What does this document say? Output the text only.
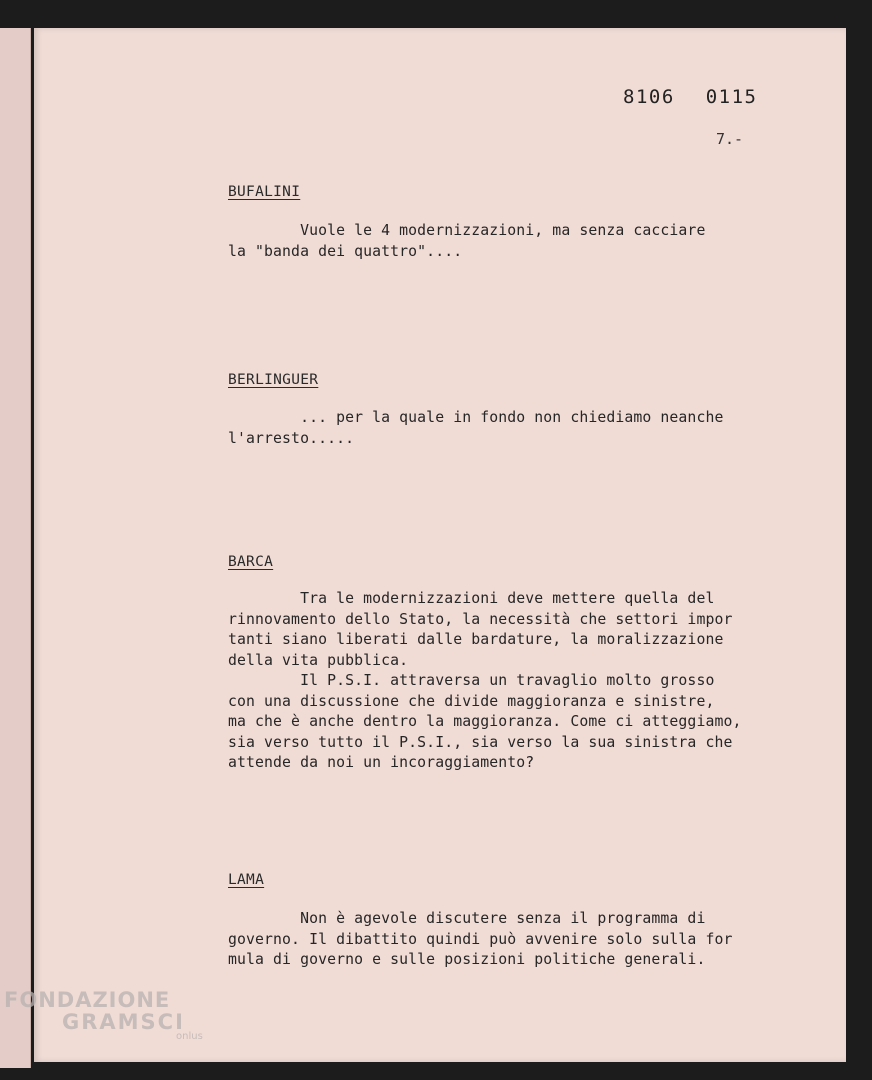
8106 0115
7.-
BUFALINI
Vuole le 4 modernizzazioni, ma senza cacciare
la "banda dei quattro"....
BERLINGUER
... per la quale in fondo non chiediamo neanche
l'arresto.....
BARCA
Tra le modernizzazioni deve mettere quella del
rinnovamento dello Stato, la necessità che settori impor
tanti siano liberati dalle bardature, la moralizzazione
della vita pubblica.
Il P.S.I. attraversa un travaglio molto grosso
con una discussione che divide maggioranza e sinistre,
ma che è anche dentro la maggioranza. Come ci atteggiamo,
sia verso tutto il P.S.I., sia verso la sua sinistra che
attende da noi un incoraggiamento?
LAMA
Non è agevole discutere senza il programma di
governo. Il dibattito quindi può avvenire solo sulla for
mula di governo e sulle posizioni politiche generali.
FONDAZIONE
GRAMSCI
onlus
